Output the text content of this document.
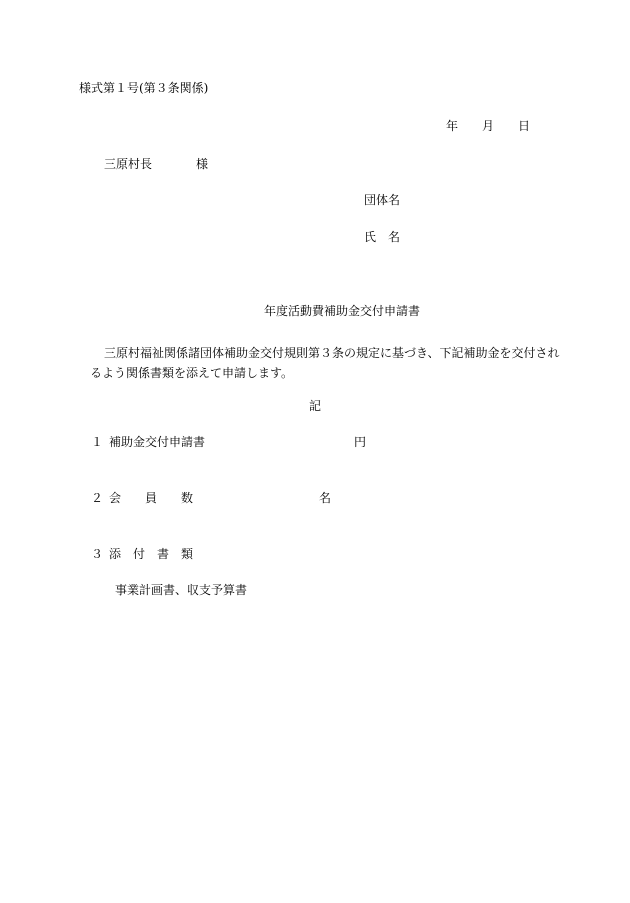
様式第１号(第３条関係)
年 月 日
三原村長	様
団体名
氏　名
年度活動費補助金交付申請書
三原村福祉関係諸団体補助金交付規則第３条の規定に基づき、下記補助金を交付されるよう関係書類を添えて申請します。
記
１ 補助金交付申請書	円
２ 会　　員　　数	名
３ 添　付　書　類
事業計画書、収支予算書
